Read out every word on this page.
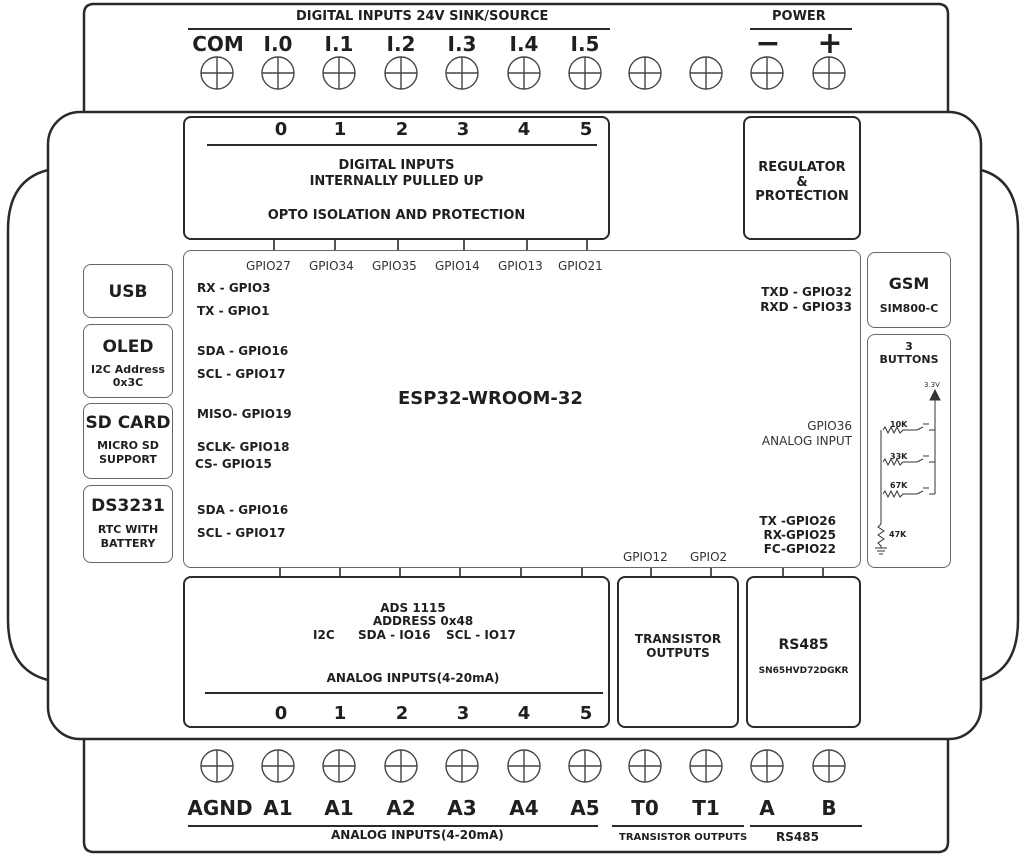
DIGITAL INPUTS 24V SINK/SOURCE	POWER
COM I.0	I.1	I.2	I.3	I.4	I.5	−	+
0	1	2	3	4	5
DIGITAL INPUTS
INTERNALLY PULLED UP
OPTO ISOLATION AND PROTECTION
REGULATOR
&
PROTECTION
GPIO27 GPIO34 GPIO35 GPIO14 GPIO13 GPIO21
ESP32-WROOM-32
RX - GPIO3
TX - GPIO1
SDA - GPIO16
SCL - GPIO17
MISO- GPIO19
SCLK- GPIO18
CS- GPIO15
SDA - GPIO16
SCL - GPIO17
TXD - GPIO32
RXD - GPIO33
GPIO36
ANALOG INPUT
TX -GPIO26
RX-GPIO25
FC-GPIO22
GPIO12 GPIO2
USB
OLED
I2C Address
0x3C
SD CARD
MICRO SD
SUPPORT
DS3231
RTC WITH
BATTERY
GSM
SIM800-C
3
BUTTONS
3.3V
10K
33K
67K
47K
ADS 1115
ADDRESS 0x48
I2C SDA - IO16 SCL - IO17
ANALOG INPUTS(4-20mA)
0	1	2	3	4	5
TRANSISTOR
OUTPUTS	RS485
SN65HVD72DGKR
AGND A1	A1	A2	A3	A4	A5	T0	T1	A	B
ANALOG INPUTS(4-20mA)	TRANSISTOR OUTPUTS RS485
